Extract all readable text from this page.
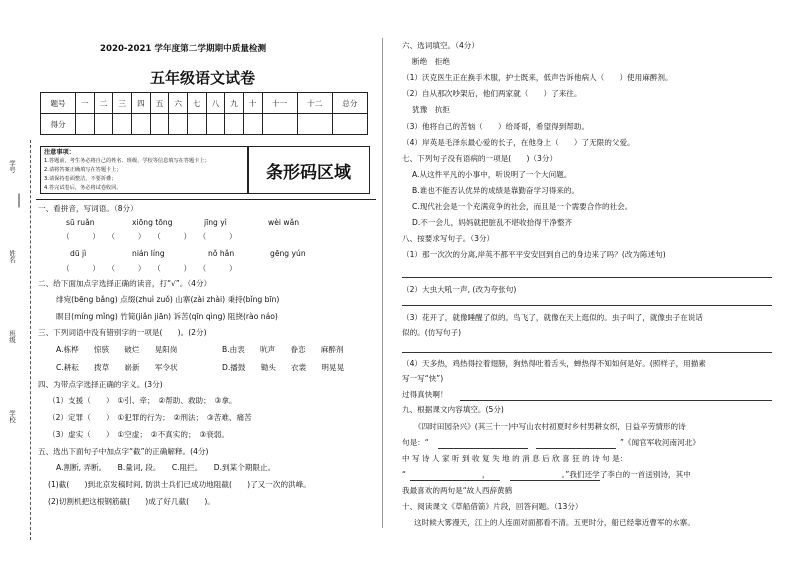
学号
姓名
班级
学校
2020-2021 学年度第二学期期中质量检测
五年级语文试卷
题号	一	二	三	四	五	六	七	八	九	十	十一	十二	总分
得分													
注意事项：
1.答题前，考生务必将自己的姓名、班级、学校等信息填写在答题卡上；
2.请将答案正确填写在答题卡上；
3.请保持卷面整洁，不要折叠；
4.答完试卷后，务必将试卷收回。
条形码区域
一、看拼音，写词语。（8分）
sū ruǎn	xiōng tōng	jīng yì	wèi wǎn
（　　　）　　（　　　）　　（　　　）　　（　　　）
dū jì	nián líng	nǒ hǎn	gēng yún
（　　　）　　（　　　）　　（　　　）　　（　　　）
二、给下面加点字选择正确的读音，打“√”。（4分）
绯宛(bēng bǎng) 点缀(zhuì zuǒ) 山寨(zài zhài) 秉持(bǐng bīn)
瞑目(míng mǐng) 竹简(jiǎn jiān) 诉苦(qīn qìng) 阻挠(rào náo)
三、下列词语中没有错别字的一项是(　　)。(2分)
A.栋桦　　惊骇　　破烂　　晃阳岗	B.由衷　　吭声　　眷恋　　麻醉剂
C.耕耘　　拨草　　崭新　　军令状	D.播鼓　　锄头　　衣裳　　明晃晃
四、为带点字选择正确的字义。(3分)
（1）支援（　　）　①引、牵；　②帮助、救助；　③拿。
（2）定罪（　　）　①犯罪的行为；　②刑法；　③苦难、痛苦
（3）虚实（　　）　①空虚；　②不真实的；　③衰弱。
五、选出下面句子中加点字“截”的正确解释。(4分)
A.割断, 弄断。　　B.量词, 段。　　C.阻拦。　　D.到某个期限止。
(1)截(　　)到北京发稿时间, 防洪士兵们已成功地阻截(　　)了又一次的洪峰。
(2)切割机把这根钢筋截(　　)成了好几截(　　)。
六、选词填空。（4分）
断绝　拒绝
（1）沃克医生正在换手术服，护士既来，低声告诉他病人（　　）使用麻醉剂。
（2）自从那次吵架后，他们两家就（　　）了来往。
犹豫　抗拒
（3）他将自己的苦恼（　　）给哥哥，希望得到帮助。
（4）岸英是毛泽东最心爱的长子，在他身上（　　）了无限的父爱。
七、下列句子没有语病的一项是(　　)（3分）
A.从这件平凡的小事中，听说明了一个大问题。
B.谁也不能否认优异的成绩是靠勤奋学习得来的。
C.现代社会是一个充满竞争的社会，而且是一个需要合作的社会。
D.不一会儿，妈妈就把脏乱不堪收拾得干净整齐
八、按要求写句子。（3分）
（1）那一次次的分离,岸英不都平平安安回到自己的身边来了吗？(改为陈述句)
（2）大虫大吼一声, (改为夸张句)
（3）花开了，就像睡醒了似的。鸟飞了，就像在天上逛似的。虫子叫了，就像虫子在说话
似的。(仿写句子)
（4）天多热，鸡热得拉着翅膀，狗热得吐着舌头，蝉热得不知如何是好。(照样子，用描素
写一写“快”)
过得真快啊！
九、根据课文内容填空。(5分)
《四时田园杂兴》(其三十一)中写山农村初夏时乡村男耕女织，日益辛劳情形的诗
句是：“	”《闻官军收河南河北》
中 写 诗 人 家 听 到 收 复 失 地 的 消 息 后 欣 喜 狂 的 诗 句 是：
“　　　　　　　　　　，　　　　　　　　　　。”我们还学了李白的一首送别诗，其中
我最喜欢的两句是“故人西辞黄鹤
十、阅读课文《草船借箭》片段，回答问题。（13分）
这时候大雾漫天，江上的人连面对面都看不清。五更时分，船已经靠近曹军的水寨。
